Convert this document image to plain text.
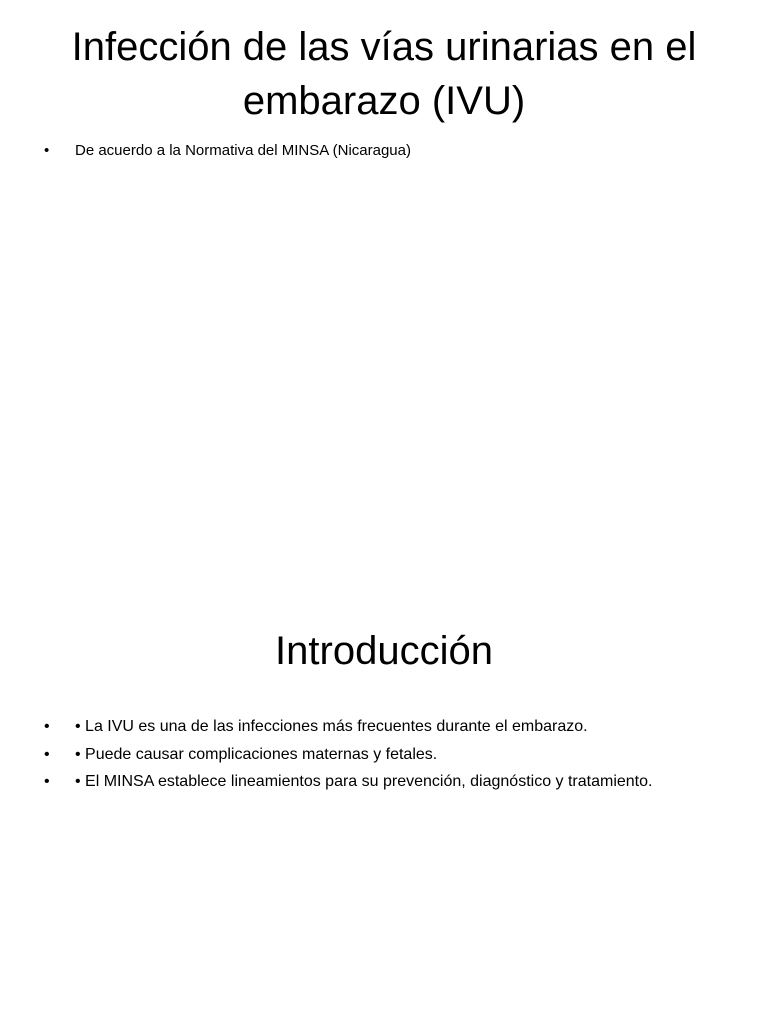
Infección de las vías urinarias en el embarazo (IVU)
• De acuerdo a la Normativa del MINSA (Nicaragua)
Introducción
• • La IVU es una de las infecciones más frecuentes durante el embarazo.
• • Puede causar complicaciones maternas y fetales.
• • El MINSA establece lineamientos para su prevención, diagnóstico y tratamiento.
